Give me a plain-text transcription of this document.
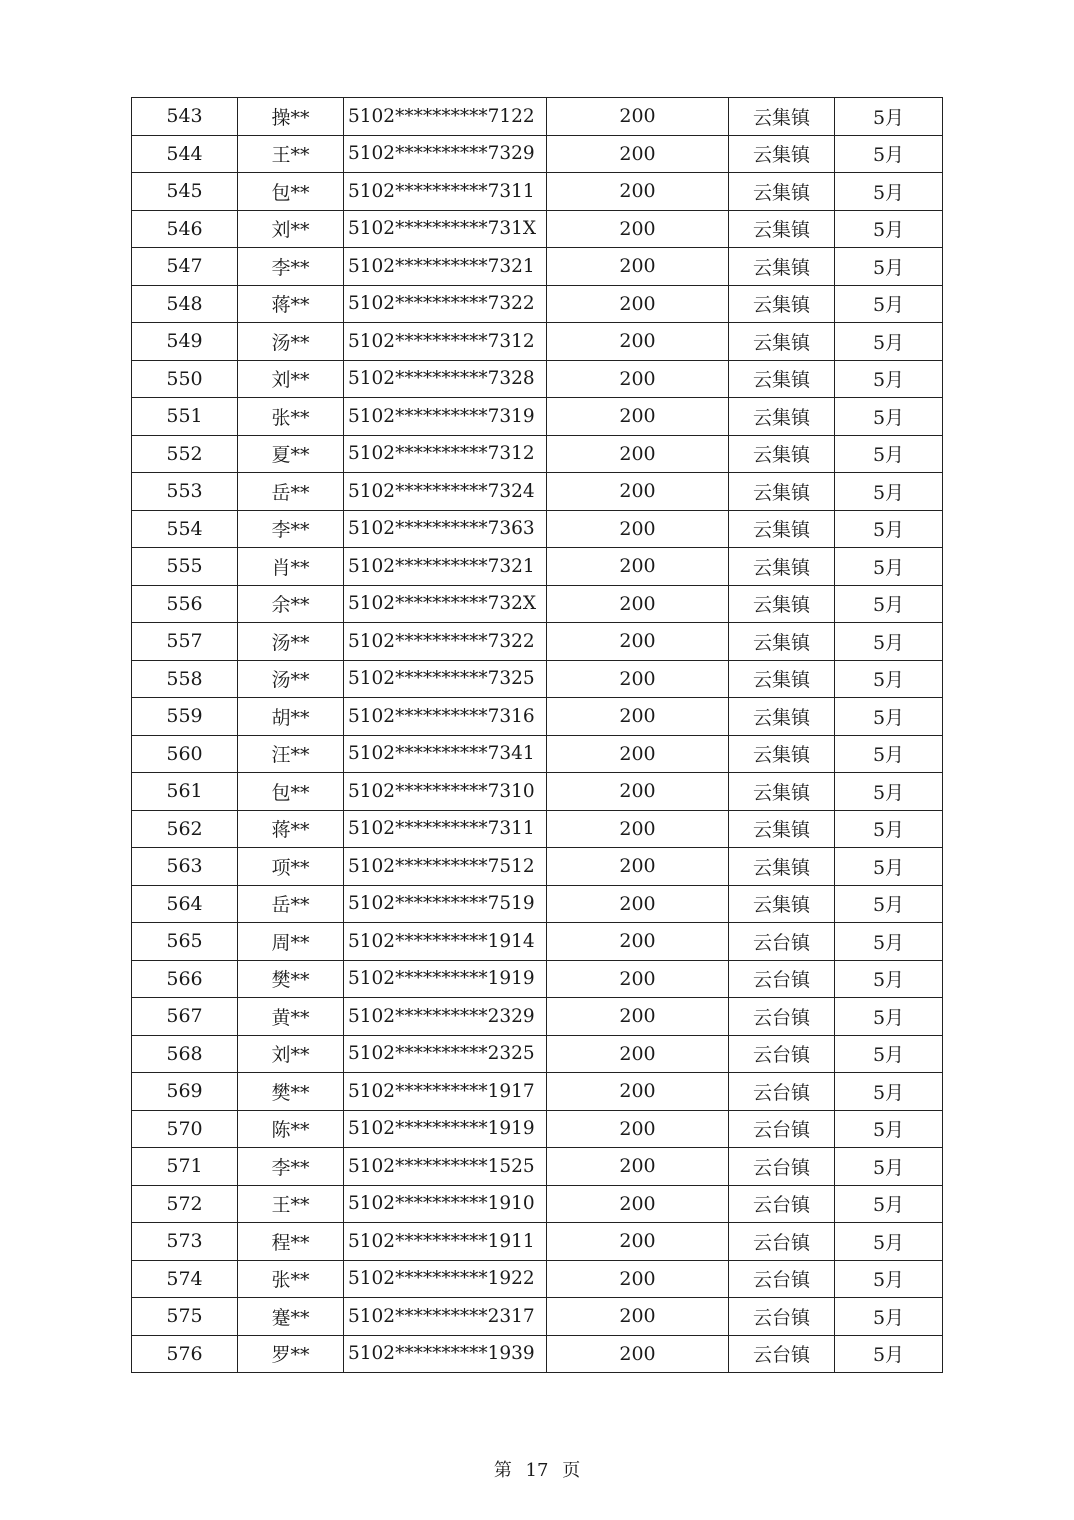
543	操**	5102**********7122	200	云集镇	5月
544	王**	5102**********7329	200	云集镇	5月
545	包**	5102**********7311	200	云集镇	5月
546	刘**	5102**********731X	200	云集镇	5月
547	李**	5102**********7321	200	云集镇	5月
548	蒋**	5102**********7322	200	云集镇	5月
549	汤**	5102**********7312	200	云集镇	5月
550	刘**	5102**********7328	200	云集镇	5月
551	张**	5102**********7319	200	云集镇	5月
552	夏**	5102**********7312	200	云集镇	5月
553	岳**	5102**********7324	200	云集镇	5月
554	李**	5102**********7363	200	云集镇	5月
555	肖**	5102**********7321	200	云集镇	5月
556	余**	5102**********732X	200	云集镇	5月
557	汤**	5102**********7322	200	云集镇	5月
558	汤**	5102**********7325	200	云集镇	5月
559	胡**	5102**********7316	200	云集镇	5月
560	汪**	5102**********7341	200	云集镇	5月
561	包**	5102**********7310	200	云集镇	5月
562	蒋**	5102**********7311	200	云集镇	5月
563	项**	5102**********7512	200	云集镇	5月
564	岳**	5102**********7519	200	云集镇	5月
565	周**	5102**********1914	200	云台镇	5月
566	樊**	5102**********1919	200	云台镇	5月
567	黄**	5102**********2329	200	云台镇	5月
568	刘**	5102**********2325	200	云台镇	5月
569	樊**	5102**********1917	200	云台镇	5月
570	陈**	5102**********1919	200	云台镇	5月
571	李**	5102**********1525	200	云台镇	5月
572	王**	5102**********1910	200	云台镇	5月
573	程**	5102**********1911	200	云台镇	5月
574	张**	5102**********1922	200	云台镇	5月
575	蹇**	5102**********2317	200	云台镇	5月
576	罗**	5102**********1939	200	云台镇	5月
第 17 页
